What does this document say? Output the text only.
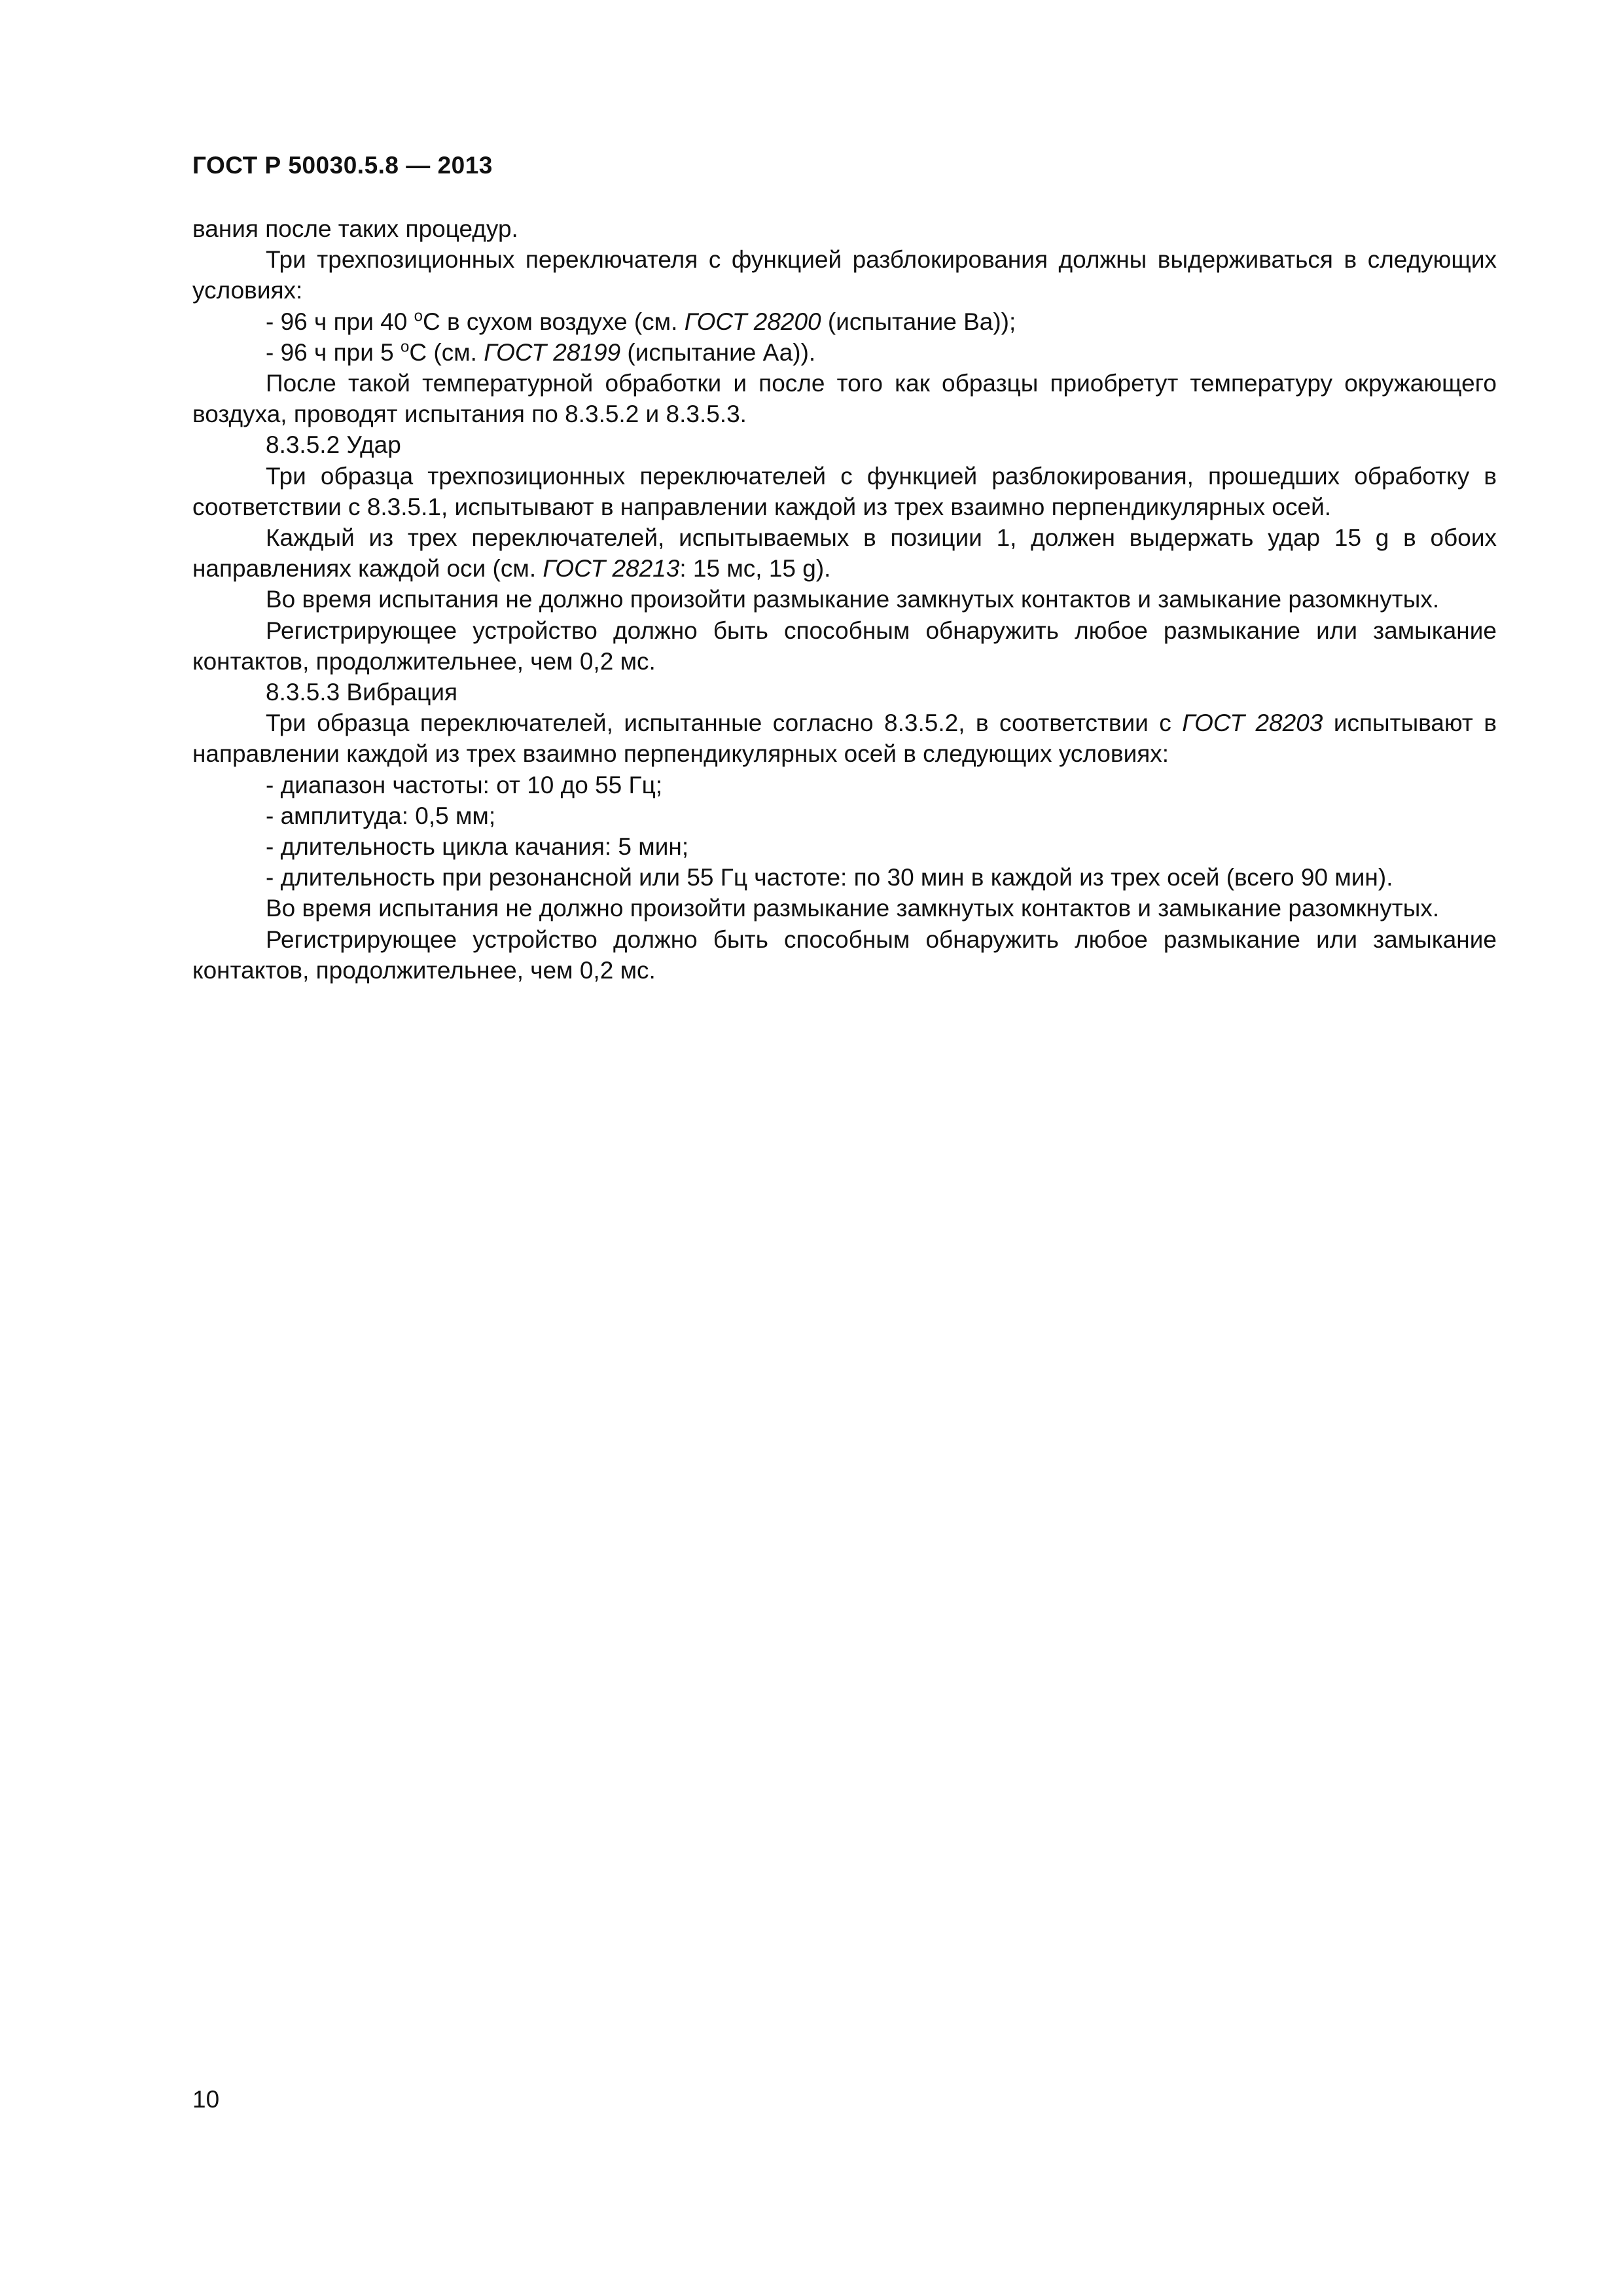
ГОСТ Р 50030.5.8 — 2013

вания после таких процедур.

Три трехпозиционных переключателя с функцией разблокирования должны выдерживаться в следующих условиях:

- 96 ч при 40 $^о$С в сухом воздухе (см. ГОСТ 28200 (испытание Ва));

- 96 ч при 5 $^о$С (см. ГОСТ 28199 (испытание Аа)).

После такой температурной обработки и после того как образцы приобретут температуру окружающего воздуха, проводят испытания по 8.3.5.2 и 8.3.5.3.

8.3.5.2 Удар

Три образца трехпозиционных переключателей с функцией разблокирования, прошедших обработку в соответствии с 8.3.5.1, испытывают в направлении каждой из трех взаимно перпендикулярных осей.

Каждый из трех переключателей, испытываемых в позиции 1, должен выдержать удар 15 g в обоих направлениях каждой оси (см. ГОСТ 28213: 15 мс, 15 g).

Во время испытания не должно произойти размыкание замкнутых контактов и замыкание разомкнутых.

Регистрирующее устройство должно быть способным обнаружить любое размыкание или замыкание контактов, продолжительнее, чем 0,2 мс.

8.3.5.3 Вибрация

Три образца переключателей, испытанные согласно 8.3.5.2, в соответствии с ГОСТ 28203 испытывают в направлении каждой из трех взаимно перпендикулярных осей в следующих условиях:

- диапазон частоты: от 10 до 55 Гц;

- амплитуда: 0,5 мм;

- длительность цикла качания: 5 мин;

- длительность при резонансной или 55 Гц частоте: по 30 мин в каждой из трех осей (всего 90 мин).

Во время испытания не должно произойти размыкание замкнутых контактов и замыкание разомкнутых.

Регистрирующее устройство должно быть способным обнаружить любое размыкание или замыкание контактов, продолжительнее, чем 0,2 мс.

10
